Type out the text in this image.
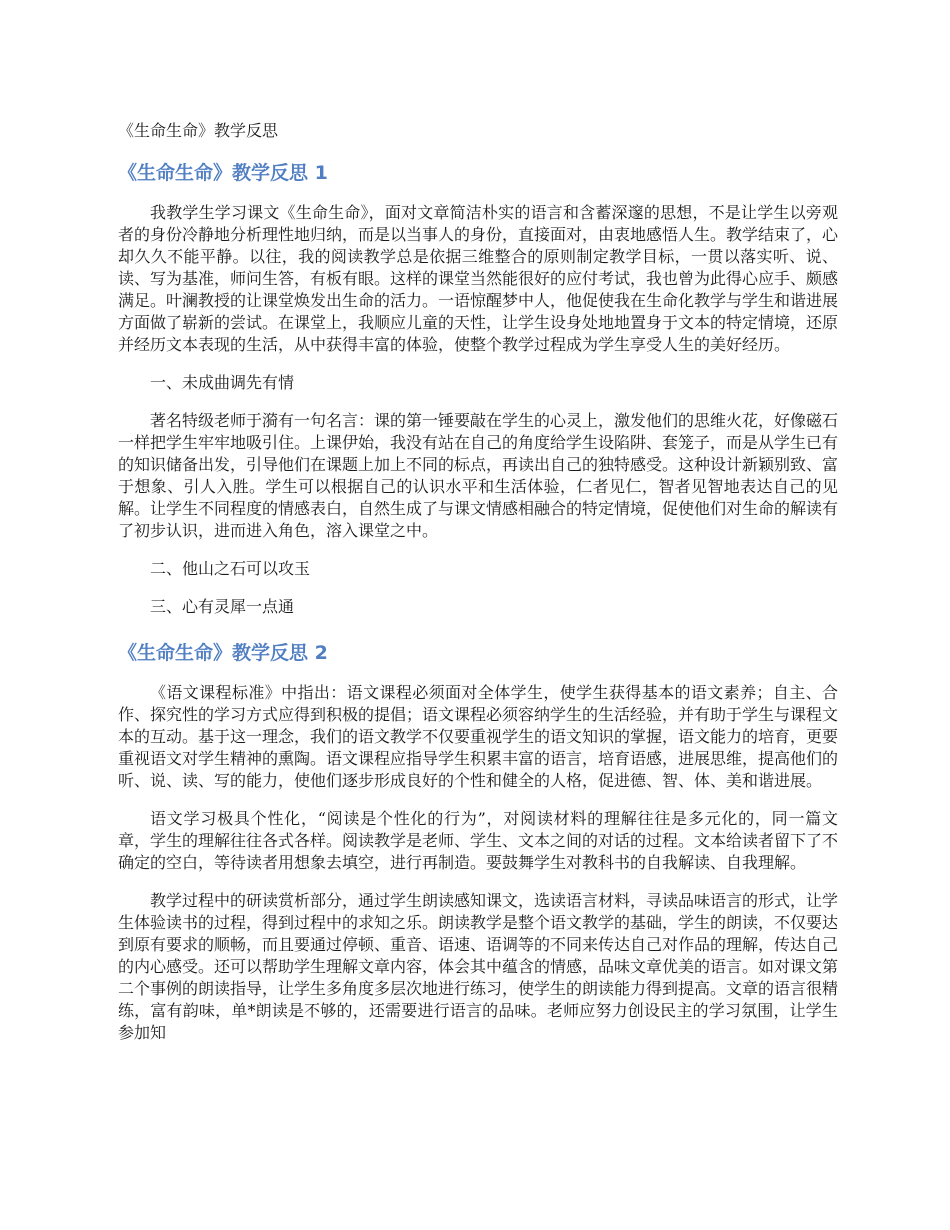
《生命生命》教学反思

《生命生命》教学反思 1

我教学生学习课文《生命生命》，面对文章简洁朴实的语言和含蓄深邃的思想，不是让学生以旁观者的身份冷静地分析理性地归纳，而是以当事人的身份，直接面对，由衷地感悟人生。教学结束了，心却久久不能平静。以往，我的阅读教学总是依据三维整合的原则制定教学目标，一贯以落实听、说、读、写为基准，师问生答，有板有眼。这样的课堂当然能很好的应付考试，我也曾为此得心应手、颇感满足。叶澜教授的让课堂焕发出生命的活力。一语惊醒梦中人，他促使我在生命化教学与学生和谐进展方面做了崭新的尝试。在课堂上，我顺应儿童的天性，让学生设身处地地置身于文本的特定情境，还原并经历文本表现的生活，从中获得丰富的体验，使整个教学过程成为学生享受人生的美好经历。

一、未成曲调先有情

著名特级老师于漪有一句名言：课的第一锤要敲在学生的心灵上，激发他们的思维火花，好像磁石一样把学生牢牢地吸引住。上课伊始，我没有站在自己的角度给学生设陷阱、套笼子，而是从学生已有的知识储备出发，引导他们在课题上加上不同的标点，再读出自己的独特感受。这种设计新颖别致、富于想象、引人入胜。学生可以根据自己的认识水平和生活体验，仁者见仁，智者见智地表达自己的见解。让学生不同程度的情感表白，自然生成了与课文情感相融合的特定情境，促使他们对生命的解读有了初步认识，进而进入角色，溶入课堂之中。

二、他山之石可以攻玉

三、心有灵犀一点通

《生命生命》教学反思 2

《语文课程标准》中指出：语文课程必须面对全体学生，使学生获得基本的语文素养；自主、合作、探究性的学习方式应得到积极的提倡；语文课程必须容纳学生的生活经验，并有助于学生与课程文本的互动。基于这一理念，我们的语文教学不仅要重视学生的语文知识的掌握，语文能力的培育，更要重视语文对学生精神的熏陶。语文课程应指导学生积累丰富的语言，培育语感，进展思维，提高他们的听、说、读、写的能力，使他们逐步形成良好的个性和健全的人格，促进德、智、体、美和谐进展。

语文学习极具个性化，“阅读是个性化的行为”，对阅读材料的理解往往是多元化的，同一篇文章，学生的理解往往各式各样。阅读教学是老师、学生、文本之间的对话的过程。文本给读者留下了不确定的空白，等待读者用想象去填空，进行再制造。要鼓舞学生对教科书的自我解读、自我理解。

教学过程中的研读赏析部分，通过学生朗读感知课文，选读语言材料，寻读品味语言的形式，让学生体验读书的过程，得到过程中的求知之乐。朗读教学是整个语文教学的基础，学生的朗读，不仅要达到原有要求的顺畅，而且要通过停顿、重音、语速、语调等的不同来传达自己对作品的理解，传达自己的内心感受。还可以帮助学生理解文章内容，体会其中蕴含的情感，品味文章优美的语言。如对课文第二个事例的朗读指导，让学生多角度多层次地进行练习，使学生的朗读能力得到提高。文章的语言很精练，富有韵味，单*朗读是不够的，还需要进行语言的品味。老师应努力创设民主的学习氛围，让学生参加知
